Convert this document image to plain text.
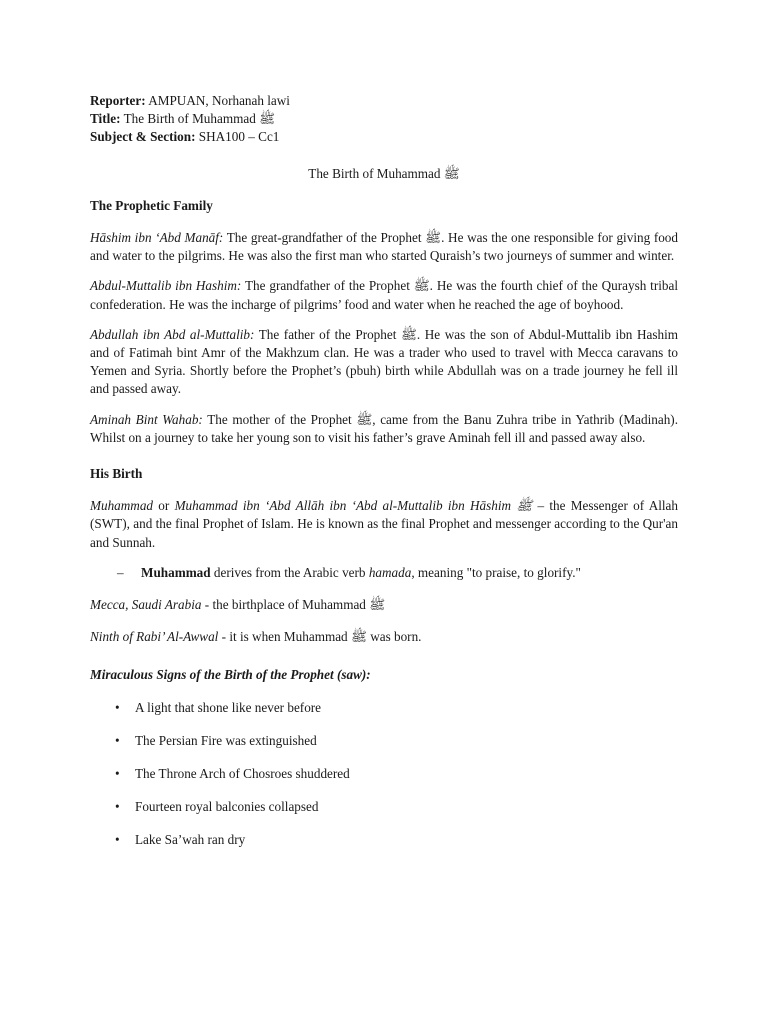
Reporter: AMPUAN, Norhanah lawi
Title: The Birth of Muhammad ﷺ
Subject & Section: SHA100 – Cc1
The Birth of Muhammad ﷺ
The Prophetic Family

Hāshim ibn ‘Abd Manāf: The great-grandfather of the Prophet ﷺ. He was the one responsible for giving food and water to the pilgrims. He was also the first man who started Quraish’s two journeys of summer and winter.

Abdul-Muttalib ibn Hashim: The grandfather of the Prophet ﷺ. He was the fourth chief of the Quraysh tribal confederation. He was the incharge of pilgrims’ food and water when he reached the age of boyhood.

Abdullah ibn Abd al-Muttalib: The father of the Prophet ﷺ. He was the son of Abdul-Muttalib ibn Hashim and of Fatimah bint Amr of the Makhzum clan. He was a trader who used to travel with Mecca caravans to Yemen and Syria. Shortly before the Prophet’s (pbuh) birth while Abdullah was on a trade journey he fell ill and passed away.

Aminah Bint Wahab: The mother of the Prophet ﷺ, came from the Banu Zuhra tribe in Yathrib (Madinah). Whilst on a journey to take her young son to visit his father’s grave Aminah fell ill and passed away also.

His Birth

Muhammad or Muhammad ibn ‘Abd Allāh ibn ‘Abd al-Muttalib ibn Hāshim ﷺ – the Messenger of Allah (SWT), and the final Prophet of Islam. He is known as the final Prophet and messenger according to the Qur'an and Sunnah.

–	Muhammad derives from the Arabic verb hamada, meaning "to praise, to glorify."

Mecca, Saudi Arabia - the birthplace of Muhammad ﷺ

Ninth of Rabi’ Al-Awwal - it is when Muhammad ﷺ was born.

Miraculous Signs of the Birth of the Prophet (saw):
•	A light that shone like never before
•	The Persian Fire was extinguished
•	The Throne Arch of Chosroes shuddered
•	Fourteen royal balconies collapsed
•	Lake Sa’wah ran dry
